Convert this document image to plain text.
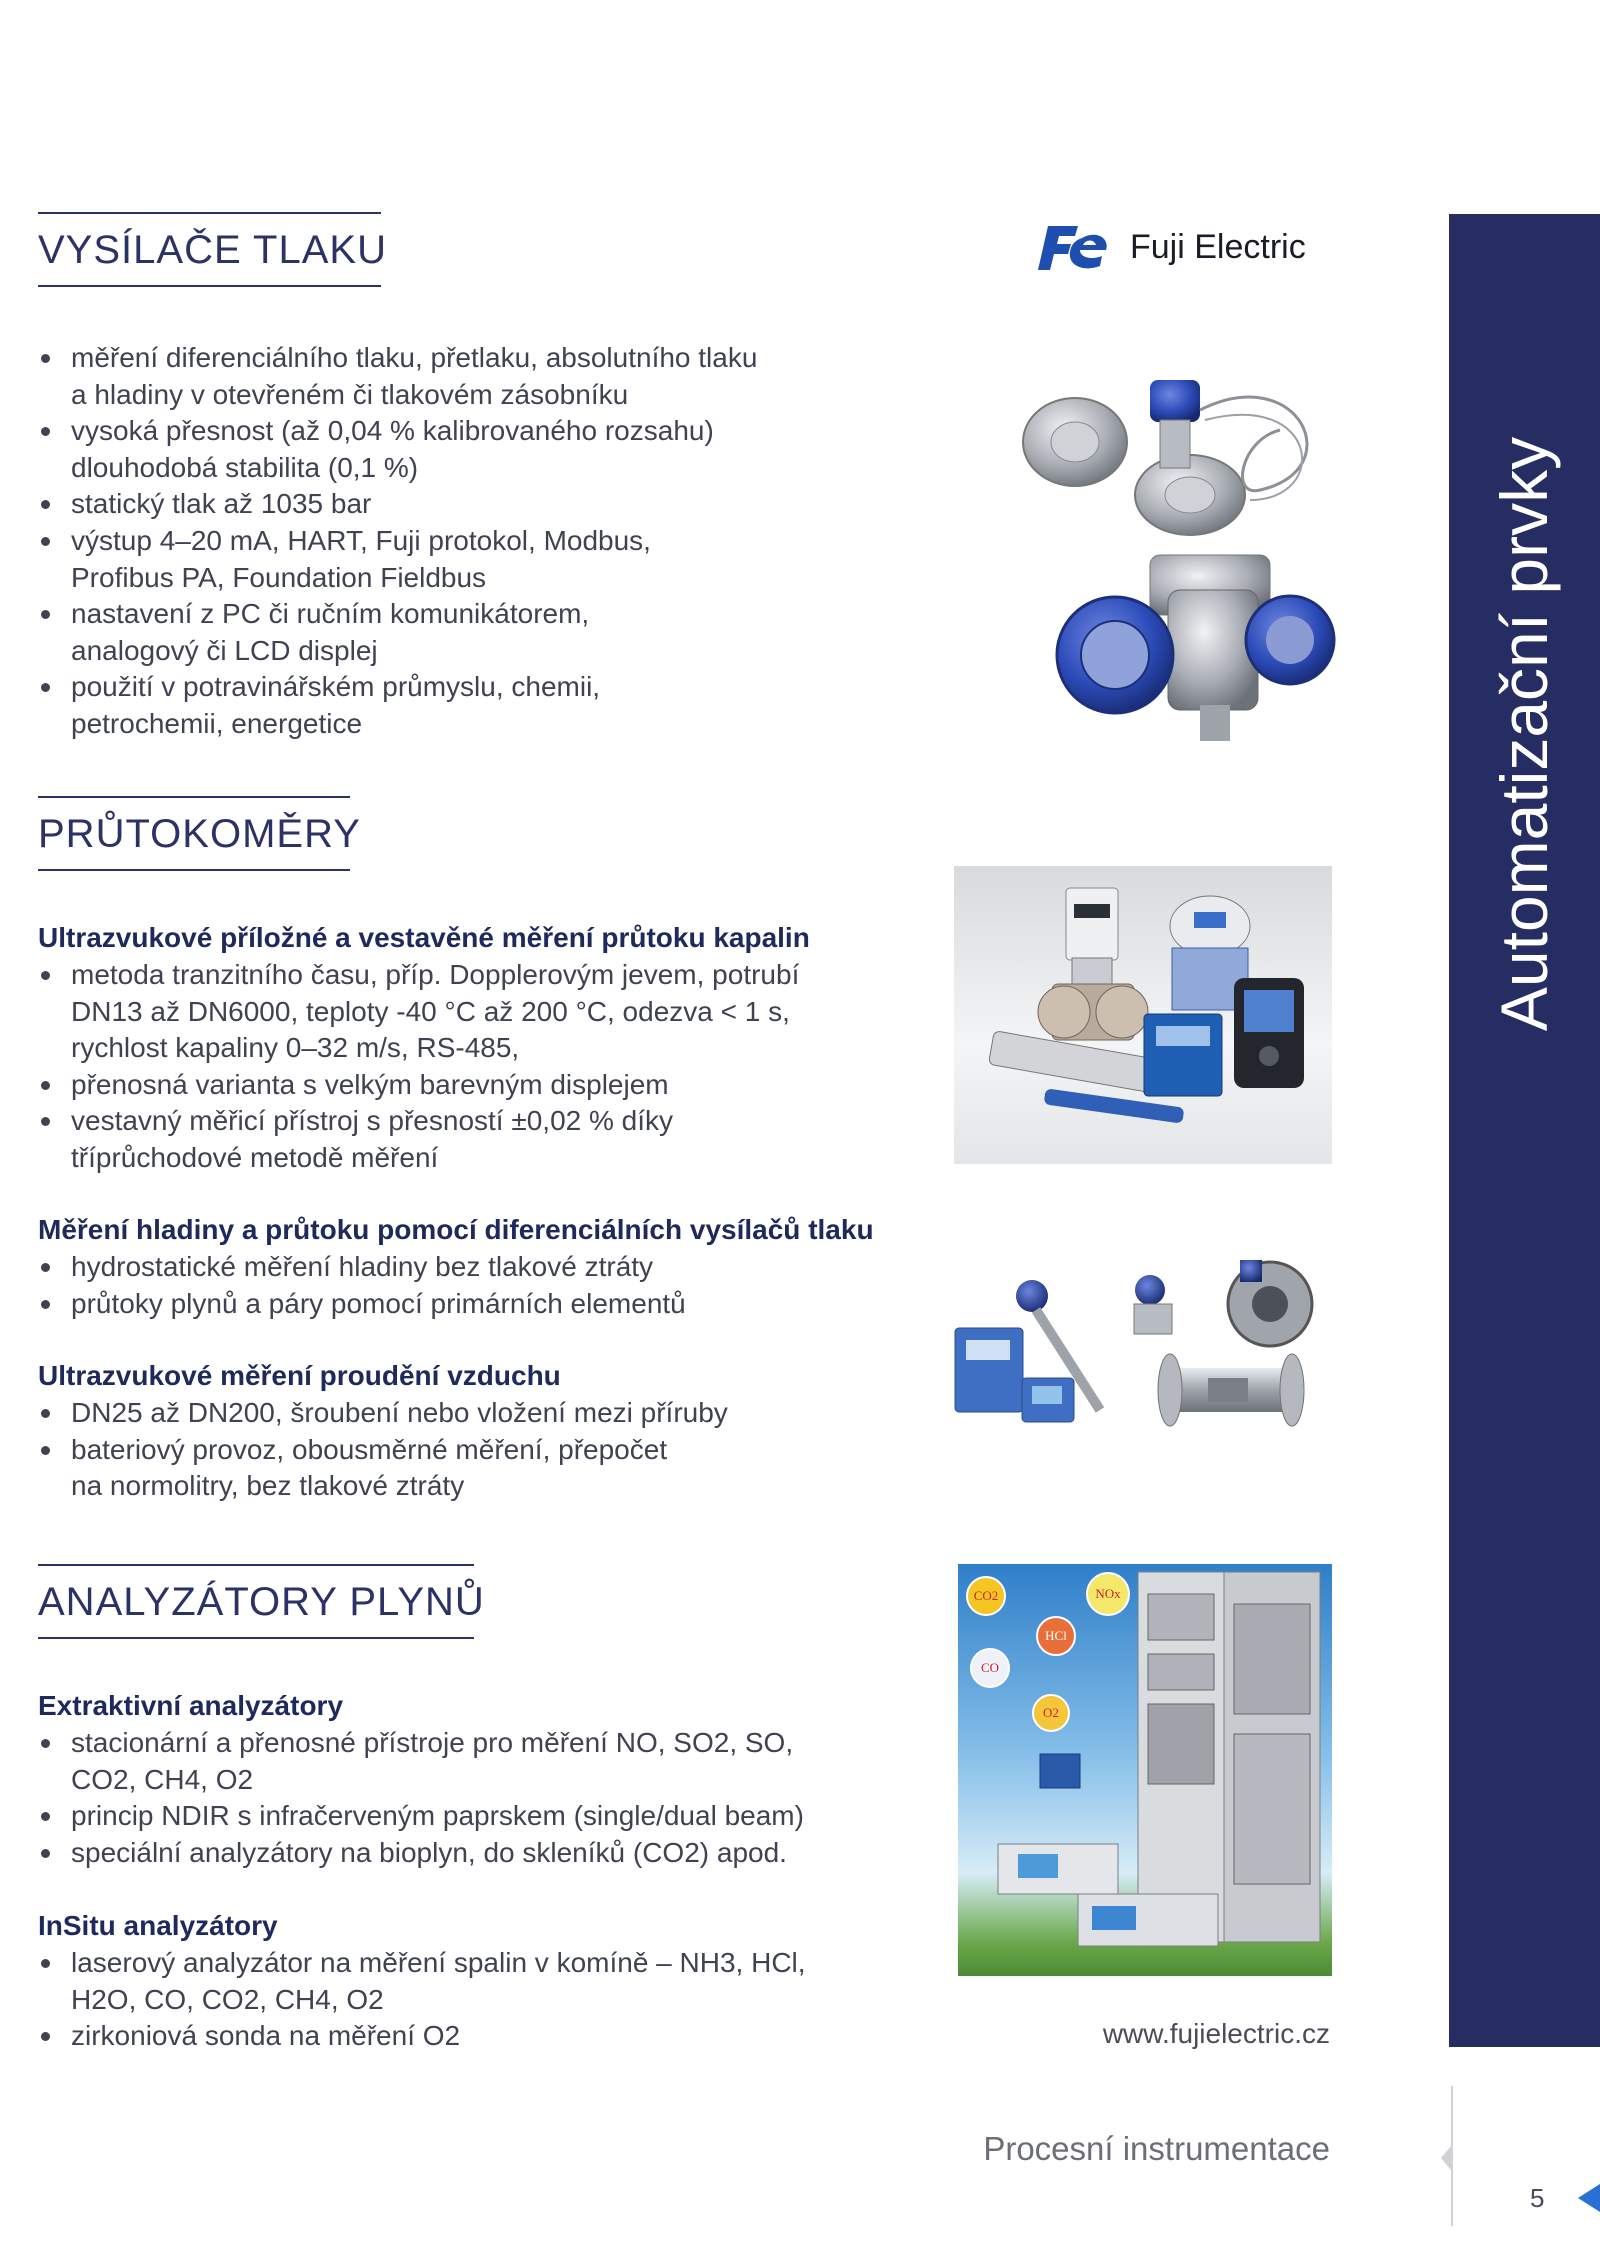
Fuji Electric
VYSÍLAČE TLAKU
měření diferenciálního tlaku, přetlaku, absolutního tlaku
a hladiny v otevřeném či tlakovém zásobníku
vysoká přesnost (až 0,04 % kalibrovaného rozsahu)
dlouhodobá stabilita (0,1 %)
statický tlak až 1035 bar
výstup 4–20 mA, HART, Fuji protokol, Modbus,
Profibus PA, Foundation Fieldbus
nastavení z PC či ručním komunikátorem,
analogový či LCD displej
použití v potravinářském průmyslu, chemii,
petrochemii, energetice
PRŮTOKOMĚRY
Ultrazvukové příložné a vestavěné měření průtoku kapalin
metoda tranzitního času, příp. Dopplerovým jevem, potrubí
DN13 až DN6000, teploty -40 °C až 200 °C, odezva < 1 s,
rychlost kapaliny 0–32 m/s, RS-485,
přenosná varianta s velkým barevným displejem
vestavný měřicí přístroj s přesností ±0,02 % díky
tříprůchodové metodě měření
Měření hladiny a průtoku pomocí diferenciálních vysílačů tlaku
hydrostatické měření hladiny bez tlakové ztráty
průtoky plynů a páry pomocí primárních elementů
Ultrazvukové měření proudění vzduchu
DN25 až DN200, šroubení nebo vložení mezi příruby
bateriový provoz, obousměrné měření, přepočet
na normolitry, bez tlakové ztráty
ANALYZÁTORY PLYNŮ
Extraktivní analyzátory
stacionární a přenosné přístroje pro měření NO, SO2, SO,
CO2, CH4, O2
princip NDIR s infračerveným paprskem (single/dual beam)
speciální analyzátory na bioplyn, do skleníků (CO2) apod.
InSitu analyzátory
laserový analyzátor na měření spalin v komíně – NH3, HCl,
H2O, CO, CO2, CH4, O2
zirkoniová sonda na měření O2
CO2	NOx
HCl
CO
O2
www.fujielectric.cz
Automatizační prvky
Procesní instrumentace
5
